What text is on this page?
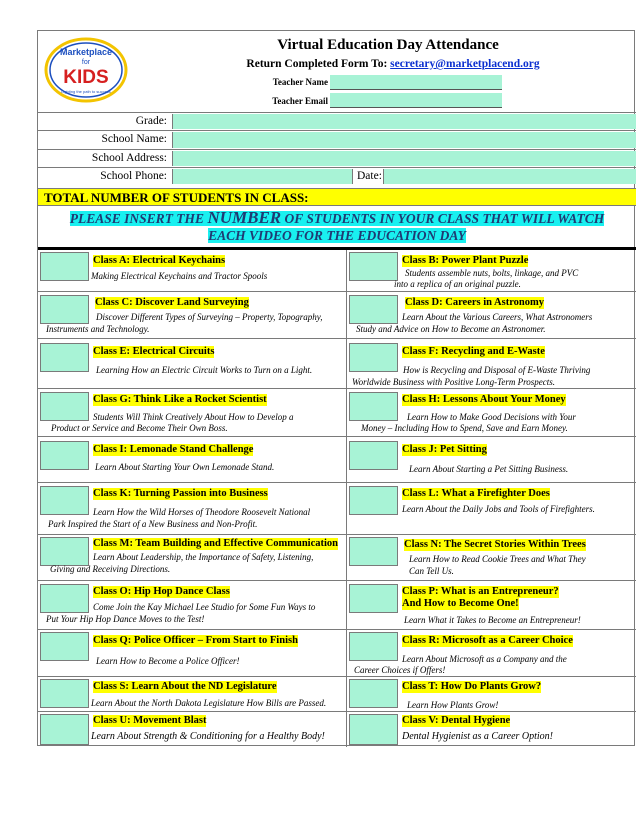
Marketplace
for
KIDS
Lighting the path to success
Virtual Education Day Attendance
Return Completed Form To: secretary@marketplacend.org
Teacher Name
Teacher Email
Grade:
School Name:
School Address:
School Phone:	Date:
TOTAL NUMBER OF STUDENTS IN CLASS:
PLEASE INSERT THE NUMBER OF STUDENTS IN YOUR CLASS THAT WILL WATCH
EACH VIDEO FOR THE EDUCATION DAY
Class A: Electrical Keychains
Making Electrical Keychains and Tractor Spools
Class B: Power Plant Puzzle
Students assemble nuts, bolts, linkage, and PVC
into a replica of an original puzzle.
Class C: Discover Land Surveying
Discover Different Types of Surveying – Property, Topography,
Instruments and Technology.
Class D: Careers in Astronomy
Learn About the Various Careers, What Astronomers
Study and Advice on How to Become an Astronomer.
Class E: Electrical Circuits
Learning How an Electric Circuit Works to Turn on a Light.
Class F: Recycling and E-Waste
How is Recycling and Disposal of E-Waste Thriving
Worldwide Business with Positive Long-Term Prospects.
Class G: Think Like a Rocket Scientist
Students Will Think Creatively About How to Develop a
Product or Service and Become Their Own Boss.
Class H: Lessons About Your Money
Learn How to Make Good Decisions with Your
Money – Including How to Spend, Save and Earn Money.
Class I: Lemonade Stand Challenge
Learn About Starting Your Own Lemonade Stand.
Class J: Pet Sitting
Learn About Starting a Pet Sitting Business.
Class K: Turning Passion into Business
Learn How the Wild Horses of Theodore Roosevelt National
Park Inspired the Start of a New Business and Non-Profit.
Class L: What a Firefighter Does
Learn About the Daily Jobs and Tools of Firefighters.
Class M: Team Building and Effective Communication
Learn About Leadership, the Importance of Safety, Listening,
Giving and Receiving Directions.
Class N: The Secret Stories Within Trees
Learn How to Read Cookie Trees and What They
Can Tell Us.
Class O: Hip Hop Dance Class
Come Join the Kay Michael Lee Studio for Some Fun Ways to
Put Your Hip Hop Dance Moves to the Test!
Class P: What is an Entrepreneur?
And How to Become One!
Learn What it Takes to Become an Entrepreneur!
Class Q: Police Officer – From Start to Finish
Learn How to Become a Police Officer!
Class R: Microsoft as a Career Choice
Learn About Microsoft as a Company and the
Career Choices if Offers!
Class S: Learn About the ND Legislature
Learn About the North Dakota Legislature How Bills are Passed.
Class T: How Do Plants Grow?
Learn How Plants Grow!
Class U: Movement Blast
Learn About Strength & Conditioning for a Healthy Body!
Class V: Dental Hygiene
Dental Hygienist as a Career Option!
